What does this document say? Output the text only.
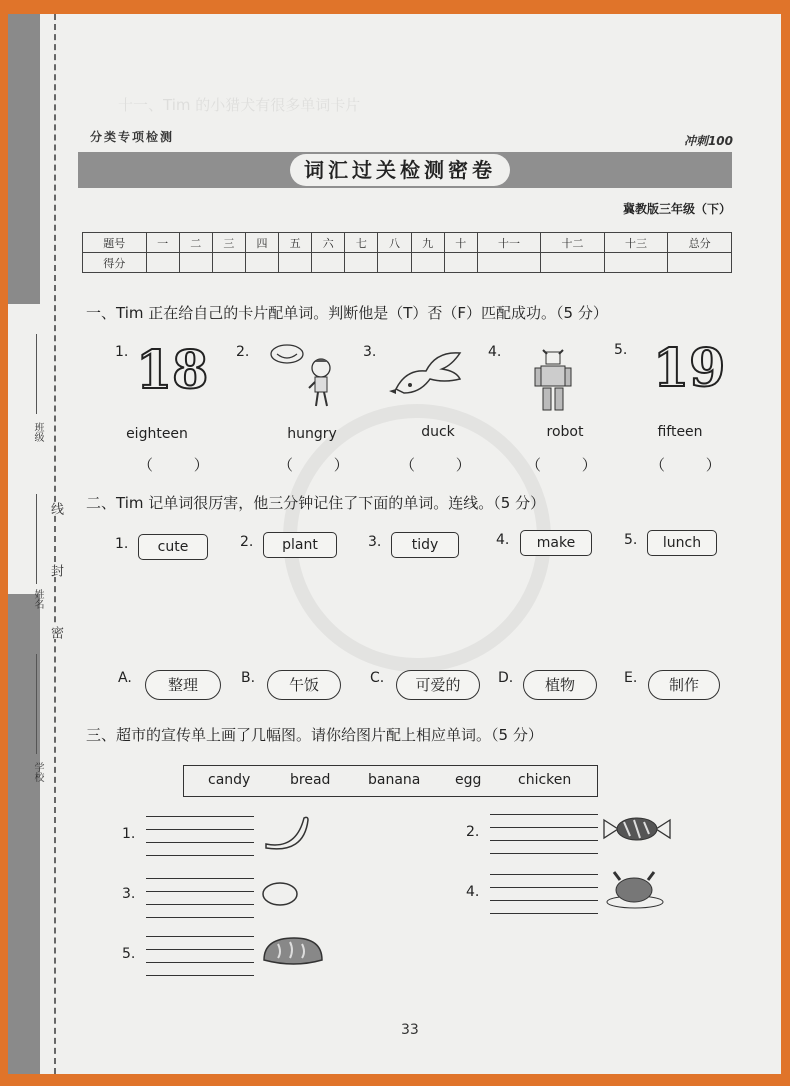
班级
姓名
学校
密
封
线
十一、Tim 的小猎犬有很多单词卡片
分类专项检测	冲刺100
词汇过关检测密卷
冀教版三年级（下）
题号	一	二	三	四	五	六	七	八	九	十	十一	十二	十三	总分
得分														
一、Tim 正在给自己的卡片配单词。判断他是（T）否（F）匹配成功。（5 分）
1. 18
eighteen
（ ）
2.
hungry
（ ）
3.
duck
（ ）
4.
robot
（ ）
5. 19
fifteen
（ ）
二、Tim 记单词很厉害，他三分钟记住了下面的单词。连线。（5 分）
1.	cute	2.	plant	3.	tidy	4.	make	5.	lunch
A.	整理	B.	午饭	C.	可爱的	D.	植物	E.	制作
三、超市的宣传单上画了几幅图。请你给图片配上相应单词。（5 分）
candy	bread	banana egg	chicken
1.	2.
3.	4.
5.
33
